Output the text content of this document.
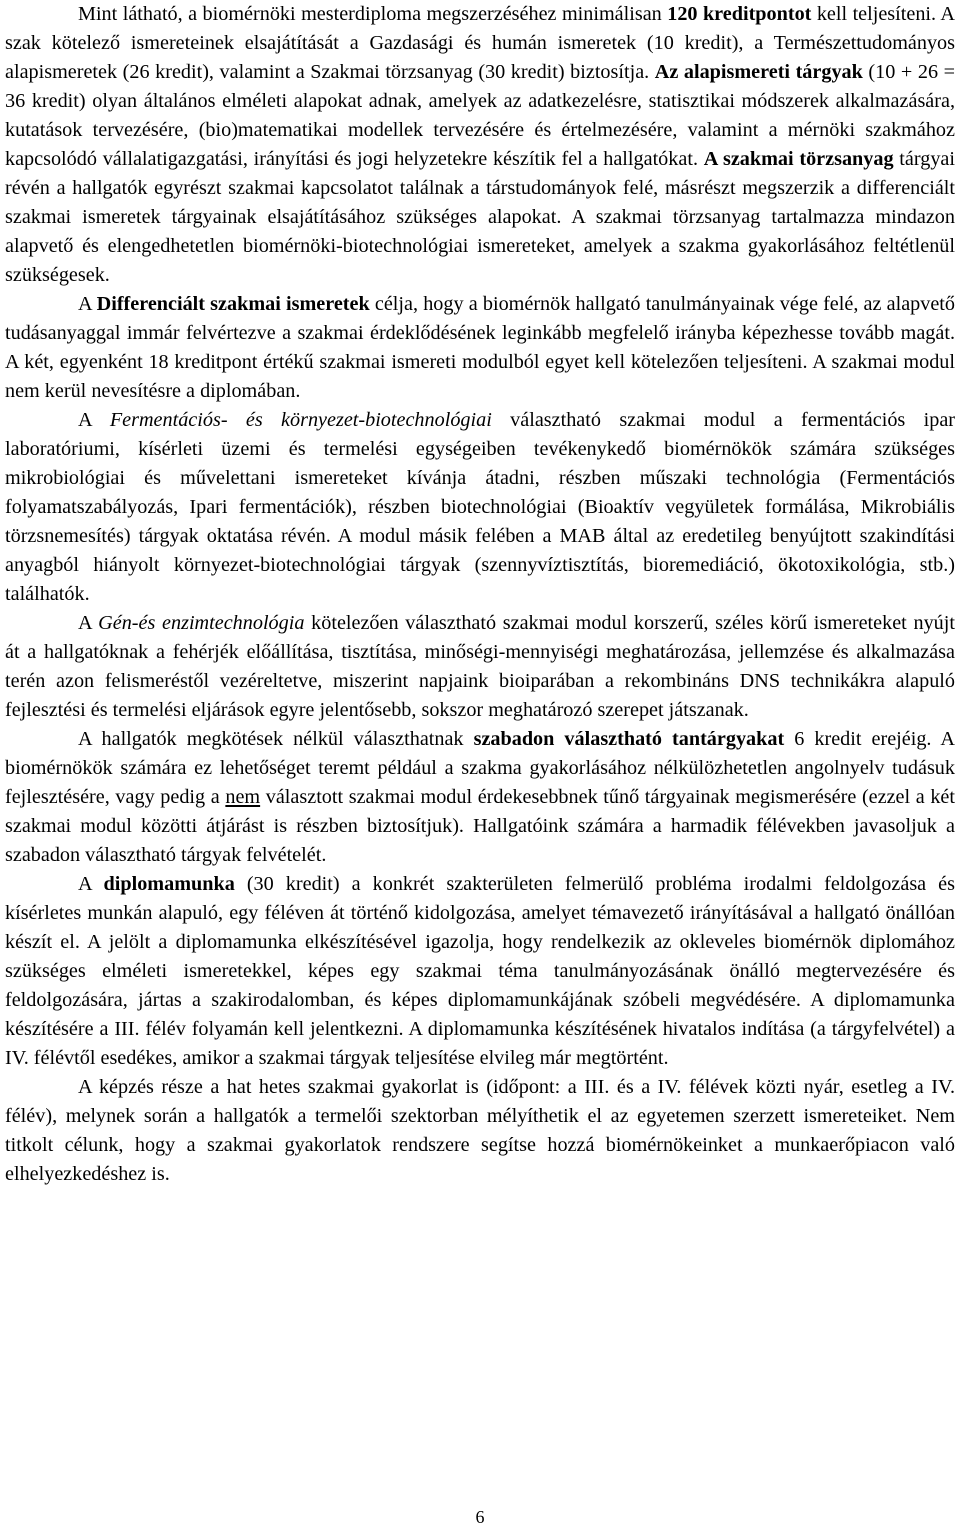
Mint látható, a biomérnöki mesterdiploma megszerzéséhez minimálisan 120 kreditpontot kell teljesíteni. A szak kötelező ismereteinek elsajátítását a Gazdasági és humán ismeretek (10 kredit), a Természettudományos alapismeretek (26 kredit), valamint a Szakmai törzsanyag (30 kredit) biztosítja. Az alapismereti tárgyak (10 + 26 = 36 kredit) olyan általános elméleti alapokat adnak, amelyek az adatkezelésre, statisztikai módszerek alkalmazására, kutatások tervezésére, (bio)matematikai modellek tervezésére és értelmezésére, valamint a mérnöki szakmához kapcsolódó vállalatigazgatási, irányítási és jogi helyzetekre készítik fel a hallgatókat. A szakmai törzsanyag tárgyai révén a hallgatók egyrészt szakmai kapcsolatot találnak a társtudományok felé, másrészt megszerzik a differenciált szakmai ismeretek tárgyainak elsajátításához szükséges alapokat. A szakmai törzsanyag tartalmazza mindazon alapvető és elengedhetetlen biomérnöki-biotechnológiai ismereteket, amelyek a szakma gyakorlásához feltétlenül szükségesek.

A Differenciált szakmai ismeretek célja, hogy a biomérnök hallgató tanulmányainak vége felé, az alapvető tudásanyaggal immár felvértezve a szakmai érdeklődésének leginkább megfelelő irányba képezhesse tovább magát. A két, egyenként 18 kreditpont értékű szakmai ismereti modulból egyet kell kötelezően teljesíteni. A szakmai modul nem kerül nevesítésre a diplomában.

A Fermentációs- és környezet-biotechnológiai választható szakmai modul a fermentációs ipar laboratóriumi, kísérleti üzemi és termelési egységeiben tevékenykedő biomérnökök számára szükséges mikrobiológiai és művelettani ismereteket kívánja átadni, részben műszaki technológia (Fermentációs folyamatszabályozás, Ipari fermentációk), részben biotechnológiai (Bioaktív vegyületek formálása, Mikrobiális törzsnemesítés) tárgyak oktatása révén. A modul másik felében a MAB által az eredetileg benyújtott szakindítási anyagból hiányolt környezet-biotechnológiai tárgyak (szennyvíztisztítás, bioremediáció, ökotoxikológia, stb.) találhatók.

A Gén-és enzimtechnológia kötelezően választható szakmai modul korszerű, széles körű ismereteket nyújt át a hallgatóknak a fehérjék előállítása, tisztítása, minőségi-mennyiségi meghatározása, jellemzése és alkalmazása terén azon felismeréstől vezéreltetve, miszerint napjaink bioiparában a rekombináns DNS technikákra alapuló fejlesztési és termelési eljárások egyre jelentősebb, sokszor meghatározó szerepet játszanak.

A hallgatók megkötések nélkül választhatnak szabadon választható tantárgyakat 6 kredit erejéig. A biomérnökök számára ez lehetőséget teremt például a szakma gyakorlásához nélkülözhetetlen angolnyelv tudásuk fejlesztésére, vagy pedig a nem választott szakmai modul érdekesebbnek tűnő tárgyainak megismerésére (ezzel a két szakmai modul közötti átjárást is részben biztosítjuk). Hallgatóink számára a harmadik félévekben javasoljuk a szabadon választható tárgyak felvételét.

A diplomamunka (30 kredit) a konkrét szakterületen felmerülő probléma irodalmi feldolgozása és kísérletes munkán alapuló, egy féléven át történő kidolgozása, amelyet témavezető irányításával a hallgató önállóan készít el. A jelölt a diplomamunka elkészítésével igazolja, hogy rendelkezik az okleveles biomérnök diplomához szükséges elméleti ismeretekkel, képes egy szakmai téma tanulmányozásának önálló megtervezésére és feldolgozására, jártas a szakirodalomban, és képes diplomamunkájának szóbeli megvédésére. A diplomamunka készítésére a III. félév folyamán kell jelentkezni. A diplomamunka készítésének hivatalos indítása (a tárgyfelvétel) a IV. félévtől esedékes, amikor a szakmai tárgyak teljesítése elvileg már megtörtént.

A képzés része a hat hetes szakmai gyakorlat is (időpont: a III. és a IV. félévek közti nyár, esetleg a IV. félév), melynek során a hallgatók a termelői szektorban mélyíthetik el az egyetemen szerzett ismereteiket. Nem titkolt célunk, hogy a szakmai gyakorlatok rendszere segítse hozzá biomérnökeinket a munkaerőpiacon való elhelyezkedéshez is.

6
